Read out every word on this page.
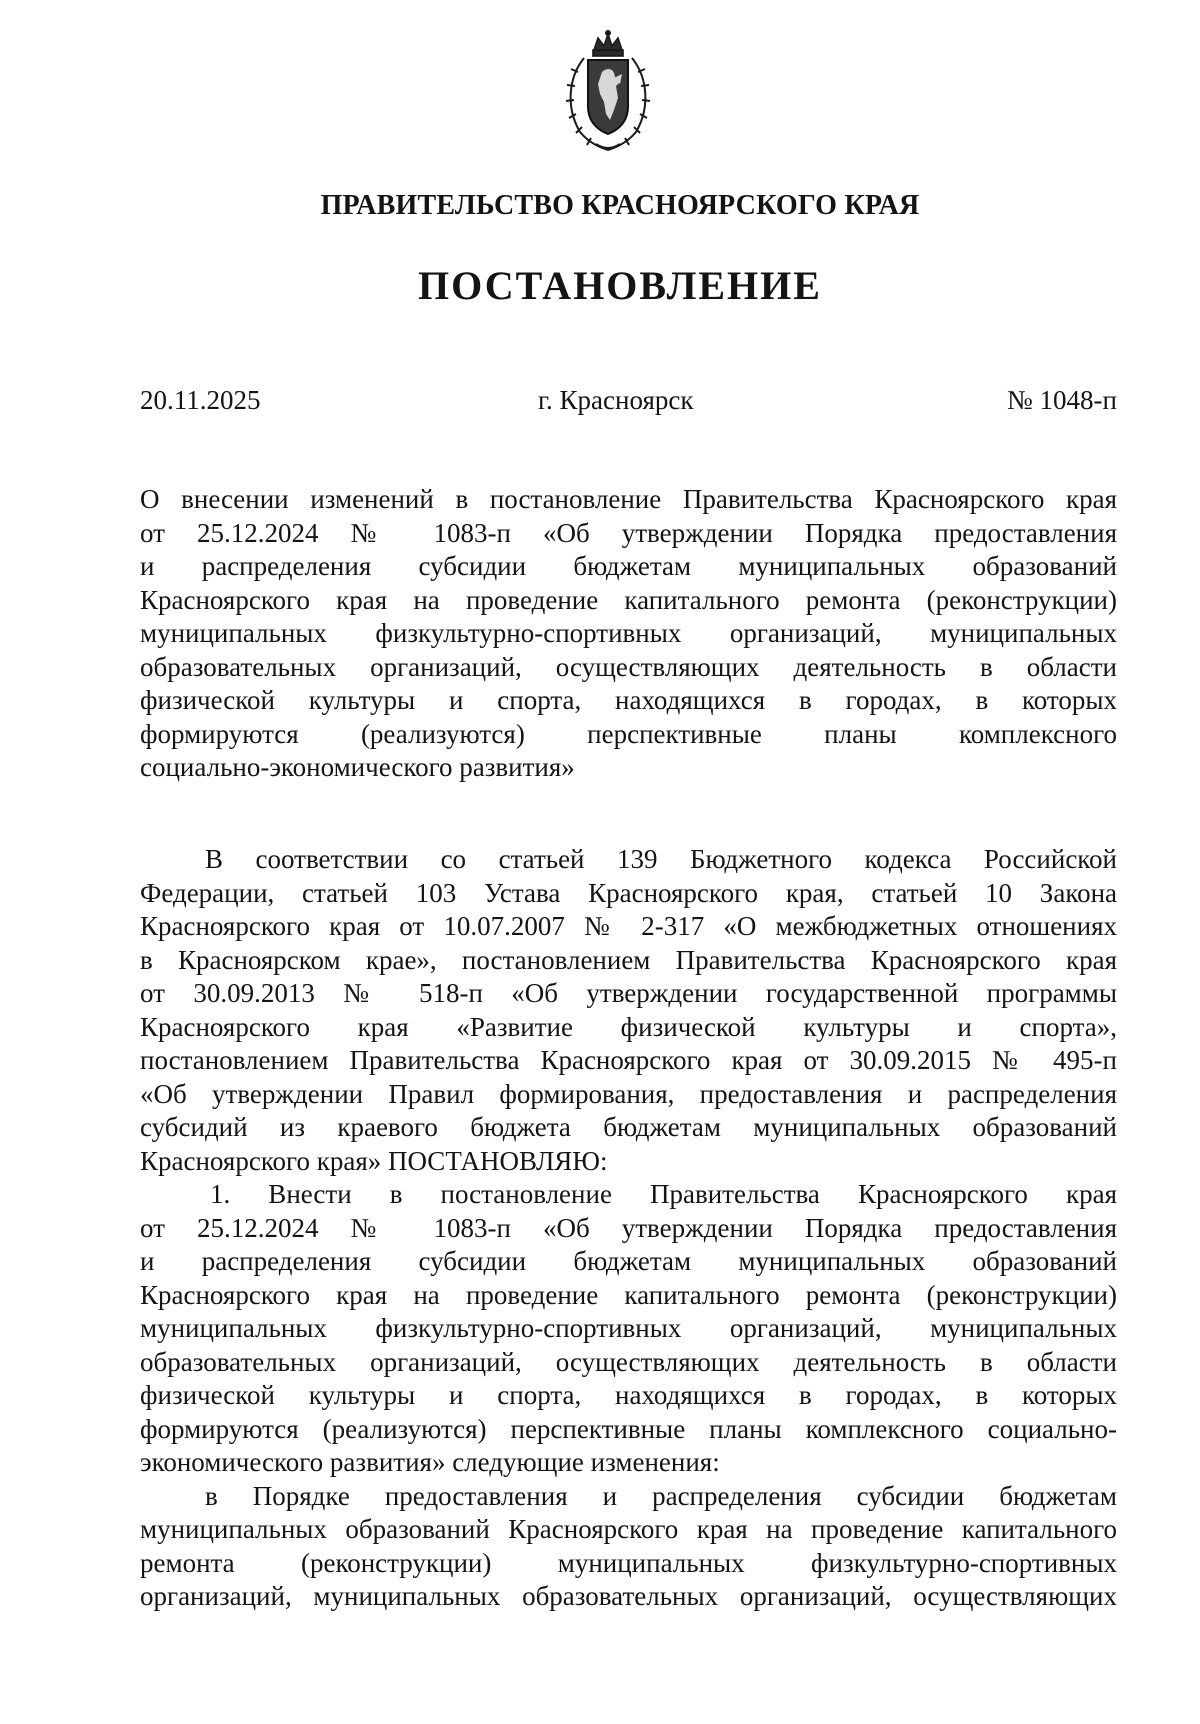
ПРАВИТЕЛЬСТВО КРАСНОЯРСКОГО КРАЯ
ПОСТАНОВЛЕНИЕ
20.11.2025	г. Красноярск	№ 1048-п
О внесении изменений в постановление Правительства Красноярского края
от 25.12.2024 № 1083-п «Об утверждении Порядка предоставления
и распределения субсидии бюджетам муниципальных образований
Красноярского края на проведение капитального ремонта (реконструкции)
муниципальных физкультурно-спортивных организаций, муниципальных
образовательных организаций, осуществляющих деятельность в области
физической культуры и спорта, находящихся в городах, в которых
формируются (реализуются) перспективные планы комплексного
социально-экономического развития»
В соответствии со статьей 139 Бюджетного кодекса Российской
Федерации, статьей 103 Устава Красноярского края, статьей 10 Закона
Красноярского края от 10.07.2007 № 2-317 «О межбюджетных отношениях
в Красноярском крае», постановлением Правительства Красноярского края
от 30.09.2013 № 518-п «Об утверждении государственной программы
Красноярского края «Развитие физической культуры и спорта»,
постановлением Правительства Красноярского края от 30.09.2015 № 495-п
«Об утверждении Правил формирования, предоставления и распределения
субсидий из краевого бюджета бюджетам муниципальных образований
Красноярского края» ПОСТАНОВЛЯЮ:
1. Внести в постановление Правительства Красноярского края
от 25.12.2024 № 1083-п «Об утверждении Порядка предоставления
и распределения субсидии бюджетам муниципальных образований
Красноярского края на проведение капитального ремонта (реконструкции)
муниципальных физкультурно-спортивных организаций, муниципальных
образовательных организаций, осуществляющих деятельность в области
физической культуры и спорта, находящихся в городах, в которых
формируются (реализуются) перспективные планы комплексного социально-
экономического развития» следующие изменения:
в Порядке предоставления и распределения субсидии бюджетам
муниципальных образований Красноярского края на проведение капитального
ремонта (реконструкции) муниципальных физкультурно-спортивных
организаций, муниципальных образовательных организаций, осуществляющих
